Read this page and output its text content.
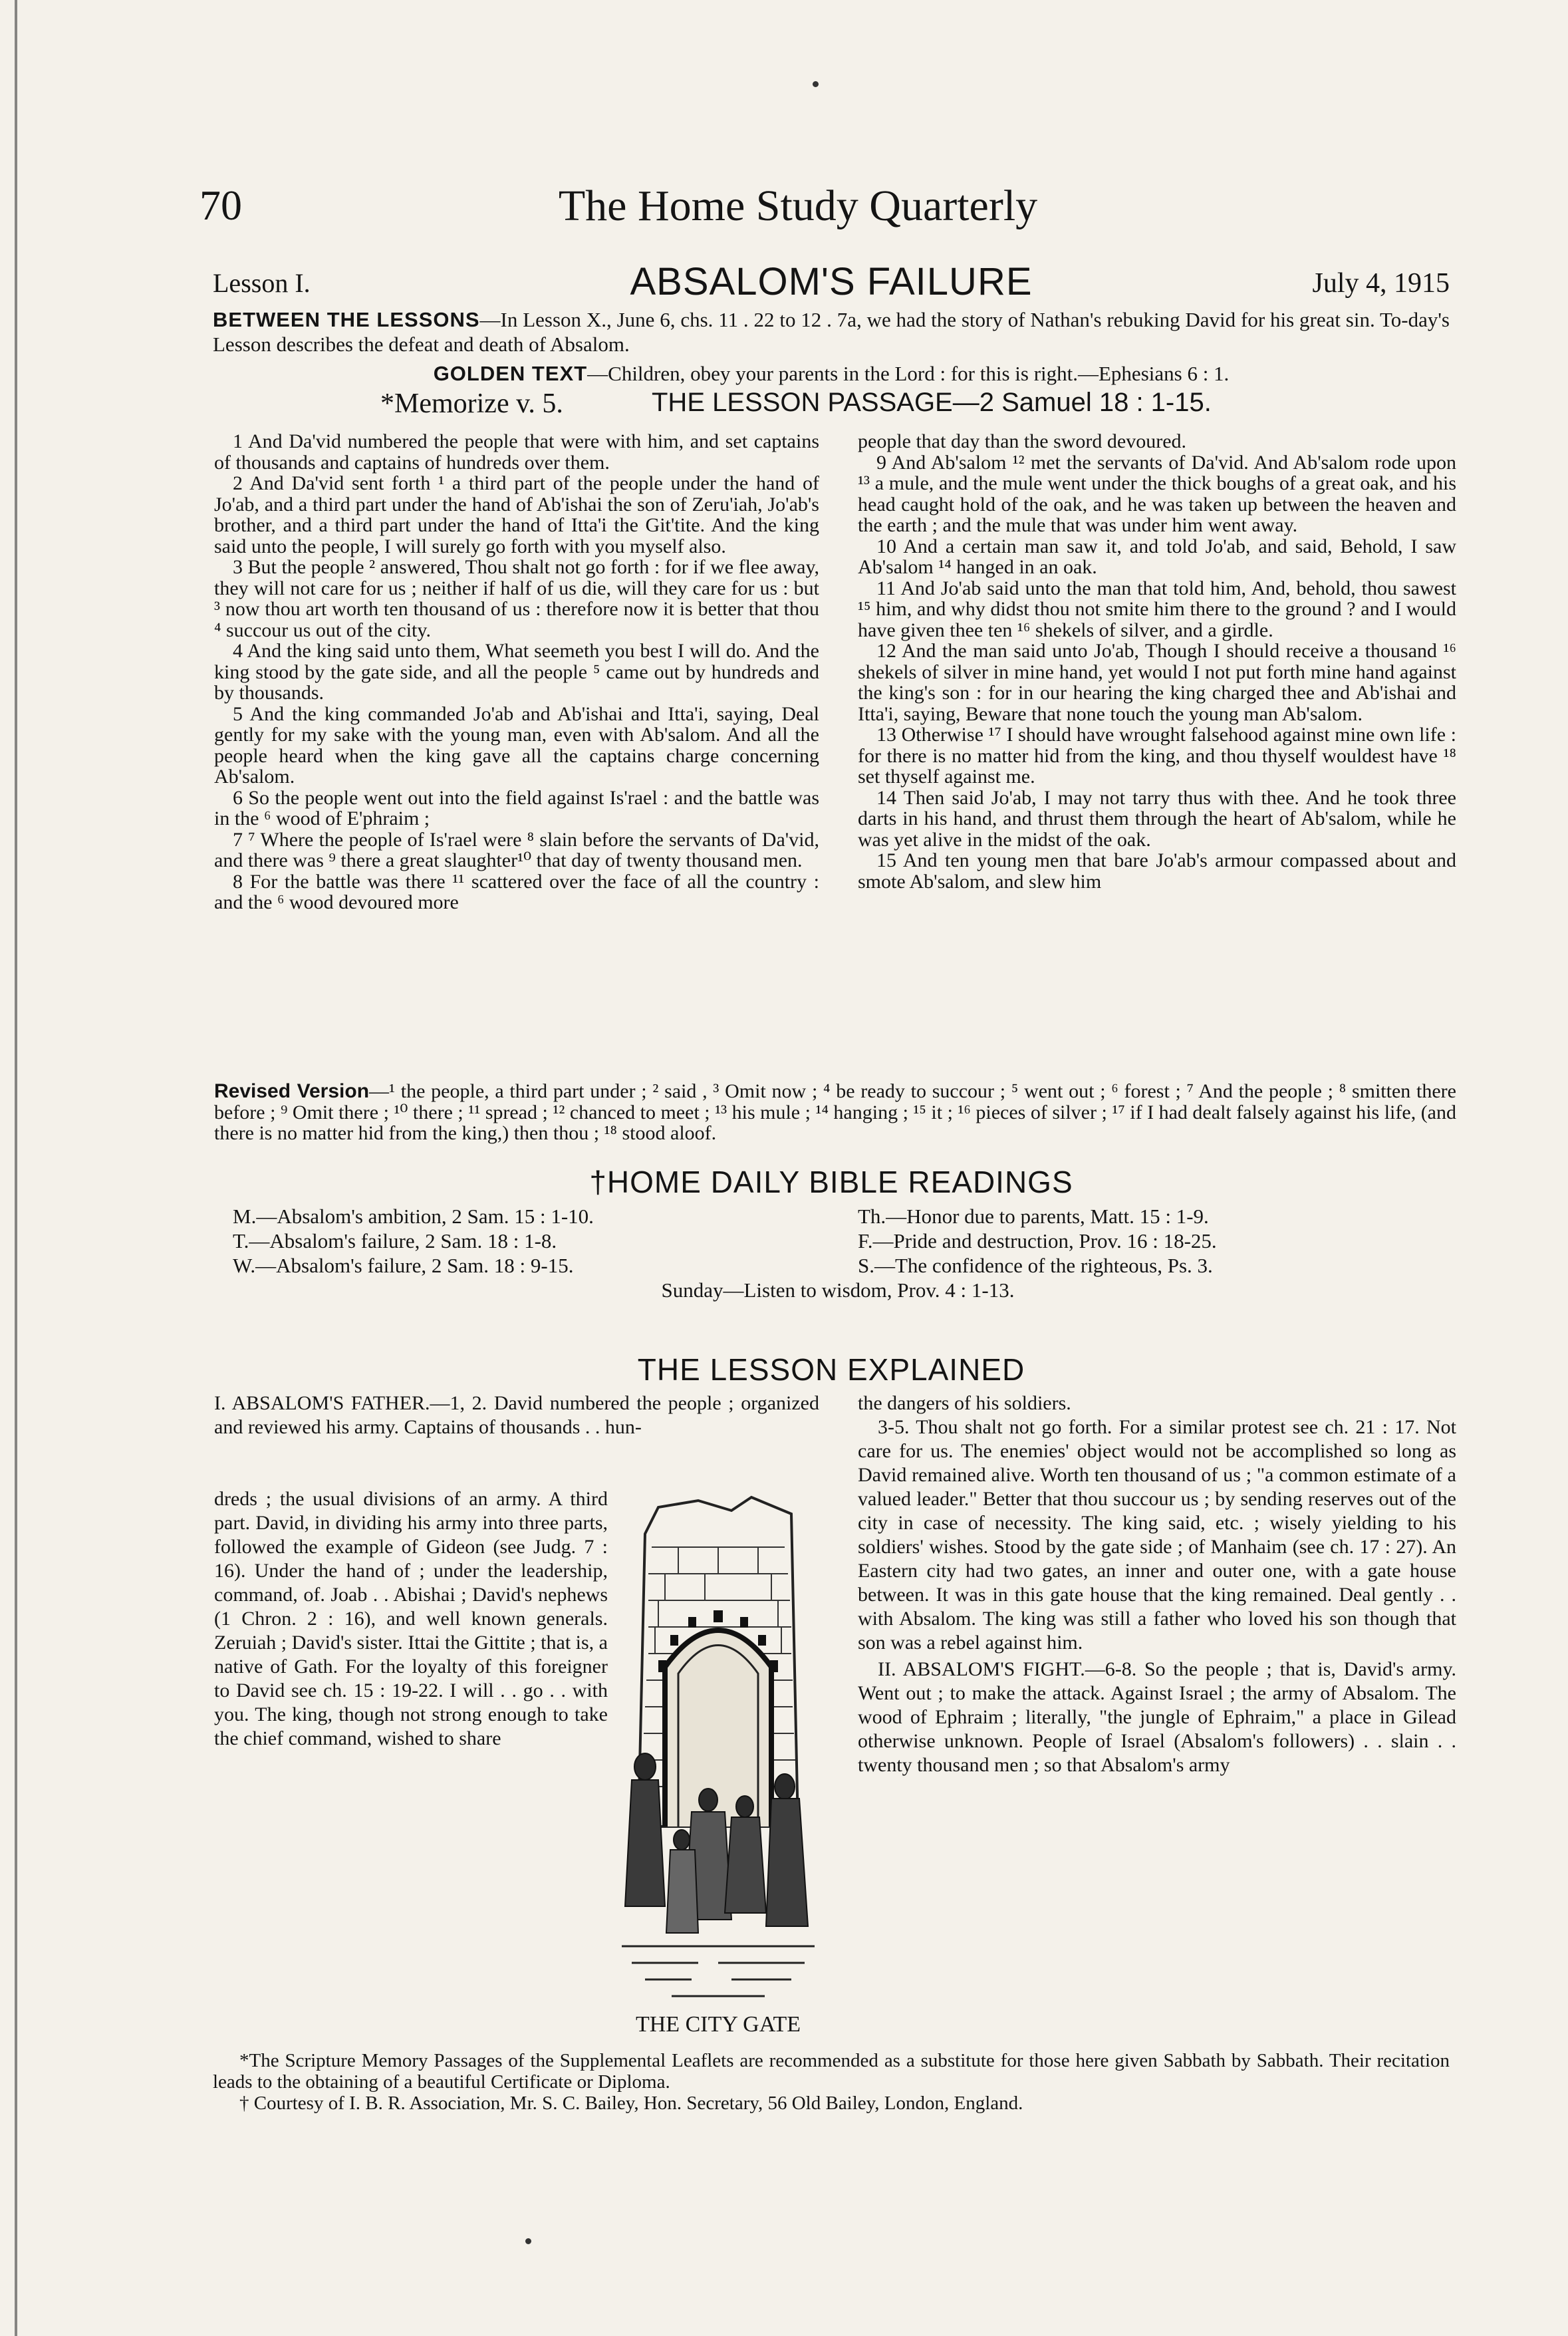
70	The Home Study Quarterly
Lesson I.	ABSALOM'S FAILURE	July 4, 1915
BETWEEN THE LESSONS—In Lesson X., June 6, chs. 11 . 22 to 12 . 7a, we had the story of Nathan's rebuking David for his great sin. To-day's Lesson describes the defeat and death of Absalom.
GOLDEN TEXT—Children, obey your parents in the Lord : for this is right.—Ephesians 6 : 1.
*Memorize v. 5.	THE LESSON PASSAGE—2 Samuel 18 : 1-15.

1 And Da'vid numbered the people that were with him, and set captains of thousands and captains of hundreds over them.

2 And Da'vid sent forth ¹ a third part of the people under the hand of Jo'ab, and a third part under the hand of Ab'ishai the son of Zeru'iah, Jo'ab's brother, and a third part under the hand of Itta'i the Git'tite. And the king said unto the people, I will surely go forth with you myself also.

3 But the people ² answered, Thou shalt not go forth : for if we flee away, they will not care for us ; neither if half of us die, will they care for us : but ³ now thou art worth ten thousand of us : therefore now it is better that thou ⁴ succour us out of the city.

4 And the king said unto them, What seemeth you best I will do. And the king stood by the gate side, and all the people ⁵ came out by hundreds and by thousands.

5 And the king commanded Jo'ab and Ab'ishai and Itta'i, saying, Deal gently for my sake with the young man, even with Ab'salom. And all the people heard when the king gave all the captains charge concerning Ab'salom.

6 So the people went out into the field against Is'rael : and the battle was in the ⁶ wood of E'phraim ;

7 ⁷ Where the people of Is'rael were ⁸ slain before the servants of Da'vid, and there was ⁹ there a great slaughter¹⁰ that day of twenty thousand men.

8 For the battle was there ¹¹ scattered over the face of all the country : and the ⁶ wood devoured more

people that day than the sword devoured.

9 And Ab'salom ¹² met the servants of Da'vid. And Ab'salom rode upon ¹³ a mule, and the mule went under the thick boughs of a great oak, and his head caught hold of the oak, and he was taken up between the heaven and the earth ; and the mule that was under him went away.

10 And a certain man saw it, and told Jo'ab, and said, Behold, I saw Ab'salom ¹⁴ hanged in an oak.

11 And Jo'ab said unto the man that told him, And, behold, thou sawest ¹⁵ him, and why didst thou not smite him there to the ground ? and I would have given thee ten ¹⁶ shekels of silver, and a girdle.

12 And the man said unto Jo'ab, Though I should receive a thousand ¹⁶ shekels of silver in mine hand, yet would I not put forth mine hand against the king's son : for in our hearing the king charged thee and Ab'ishai and Itta'i, saying, Beware that none touch the young man Ab'salom.

13 Otherwise ¹⁷ I should have wrought falsehood against mine own life : for there is no matter hid from the king, and thou thyself wouldest have ¹⁸ set thyself against me.

14 Then said Jo'ab, I may not tarry thus with thee. And he took three darts in his hand, and thrust them through the heart of Ab'salom, while he was yet alive in the midst of the oak.

15 And ten young men that bare Jo'ab's armour compassed about and smote Ab'salom, and slew him

Revised Version—¹ the people, a third part under ; ² said , ³ Omit now ; ⁴ be ready to succour ; ⁵ went out ; ⁶ forest ; ⁷ And the people ; ⁸ smitten there before ; ⁹ Omit there ; ¹⁰ there ; ¹¹ spread ; ¹² chanced to meet ; ¹³ his mule ; ¹⁴ hanging ; ¹⁵ it ; ¹⁶ pieces of silver ; ¹⁷ if I had dealt falsely against his life, (and there is no matter hid from the king,) then thou ; ¹⁸ stood aloof.
†HOME DAILY BIBLE READINGS
M.—Absalom's ambition, 2 Sam. 15 : 1-10.
T.—Absalom's failure, 2 Sam. 18 : 1-8.
W.—Absalom's failure, 2 Sam. 18 : 9-15.
Th.—Honor due to parents, Matt. 15 : 1-9.
F.—Pride and destruction, Prov. 16 : 18-25.
S.—The confidence of the righteous, Ps. 3.
Sunday—Listen to wisdom, Prov. 4 : 1-13.
THE LESSON EXPLAINED

I. ABSALOM'S FATHER.—1, 2. David numbered the people ; organized and reviewed his army. Captains of thousands . . hun-

dreds ; the usual divisions of an army. A third part. David, in dividing his army into three parts, followed the example of Gideon (see Judg. 7 : 16). Under the hand of ; under the leadership, command, of. Joab . . Abishai ; David's nephews (1 Chron. 2 : 16), and well known generals. Zeruiah ; David's sister. Ittai the Gittite ; that is, a native of Gath. For the loyalty of this foreigner to David see ch. 15 : 19-22. I will . . go . . with you. The king, though not strong enough to take the chief command, wished to share

the dangers of his soldiers.

3-5. Thou shalt not go forth. For a similar protest see ch. 21 : 17. Not care for us. The enemies' object would not be accomplished so long as David remained alive. Worth ten thousand of us ; "a common estimate of a valued leader." Better that thou succour us ; by sending reserves out of the city in case of necessity. The king said, etc. ; wisely yielding to his soldiers' wishes. Stood by the gate side ; of Manhaim (see ch. 17 : 27). An Eastern city had two gates, an inner and outer one, with a gate house between. It was in this gate house that the king remained. Deal gently . . with Absalom. The king was still a father who loved his son though that son was a rebel against him.

II. ABSALOM'S FIGHT.—6-8. So the people ; that is, David's army. Went out ; to make the attack. Against Israel ; the army of Absalom. The wood of Ephraim ; literally, "the jungle of Ephraim," a place in Gilead otherwise unknown. People of Israel (Absalom's followers) . . slain . . twenty thousand men ; so that Absalom's army

THE CITY GATE

*The Scripture Memory Passages of the Supplemental Leaflets are recommended as a substitute for those here given Sabbath by Sabbath. Their recitation leads to the obtaining of a beautiful Certificate or Diploma.

† Courtesy of I. B. R. Association, Mr. S. C. Bailey, Hon. Secretary, 56 Old Bailey, London, England.
